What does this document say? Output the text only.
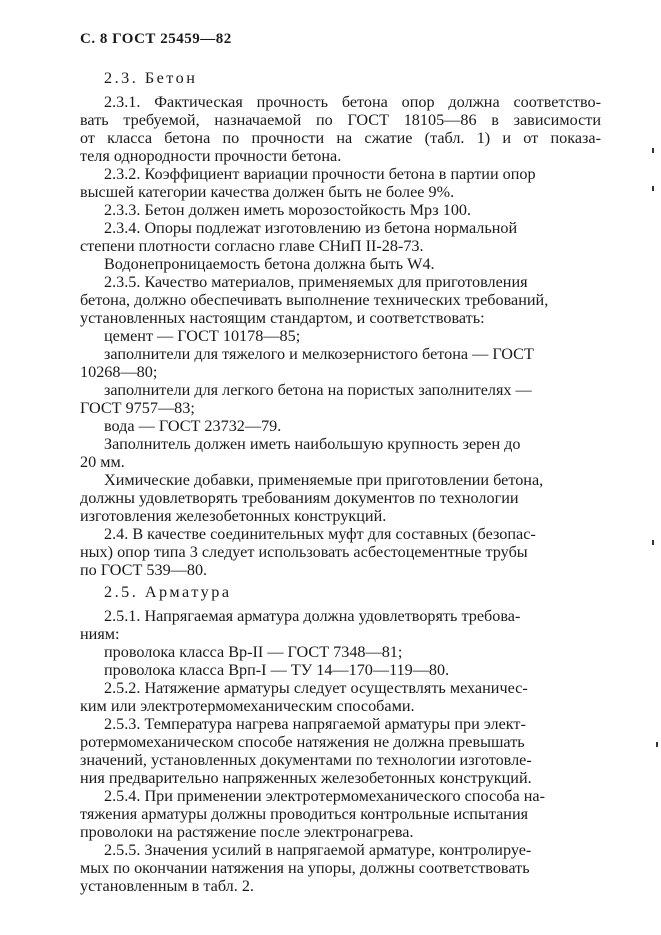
С. 8 ГОСТ 25459—82
2.3. Бетон
2.3.1. Фактическая прочность бетона опор должна соответство-
вать требуемой, назначаемой по ГОСТ 18105—86 в зависимости
от класса бетона по прочности на сжатие (табл. 1) и от показа-
теля однородности прочности бетона.
2.3.2. Коэффициент вариации прочности бетона в партии опор
высшей категории качества должен быть не более 9%.
2.3.3. Бетон должен иметь морозостойкость Мрз 100.
2.3.4. Опоры подлежат изготовлению из бетона нормальной
степени плотности согласно главе СНиП II-28-73.
Водонепроницаемость бетона должна быть W4.
2.3.5. Качество материалов, применяемых для приготовления
бетона, должно обеспечивать выполнение технических требований,
установленных настоящим стандартом, и соответствовать:
цемент — ГОСТ 10178—85;
заполнители для тяжелого и мелкозернистого бетона — ГОСТ
10268—80;
заполнители для легкого бетона на пористых заполнителях —
ГОСТ 9757—83;
вода — ГОСТ 23732—79.
Заполнитель должен иметь наибольшую крупность зерен до
20 мм.
Химические добавки, применяемые при приготовлении бетона,
должны удовлетворять требованиям документов по технологии
изготовления железобетонных конструкций.
2.4. В качестве соединительных муфт для составных (безопас-
ных) опор типа 3 следует использовать асбестоцементные трубы
по ГОСТ 539—80.
2.5. Арматура
2.5.1. Напрягаемая арматура должна удовлетворять требова-
ниям:
проволока класса Вр-II — ГОСТ 7348—81;
проволока класса Врп-I — ТУ 14—170—119—80.
2.5.2. Натяжение арматуры следует осуществлять механичес-
ким или электротермомеханическим способами.
2.5.3. Температура нагрева напрягаемой арматуры при элект-
ротермомеханическом способе натяжения не должна превышать
значений, установленных документами по технологии изготовле-
ния предварительно напряженных железобетонных конструкций.
2.5.4. При применении электротермомеханического способа на-
тяжения арматуры должны проводиться контрольные испытания
проволоки на растяжение после электронагрева.
2.5.5. Значения усилий в напрягаемой арматуре, контролируе-
мых по окончании натяжения на упоры, должны соответствовать
установленным в табл. 2.
